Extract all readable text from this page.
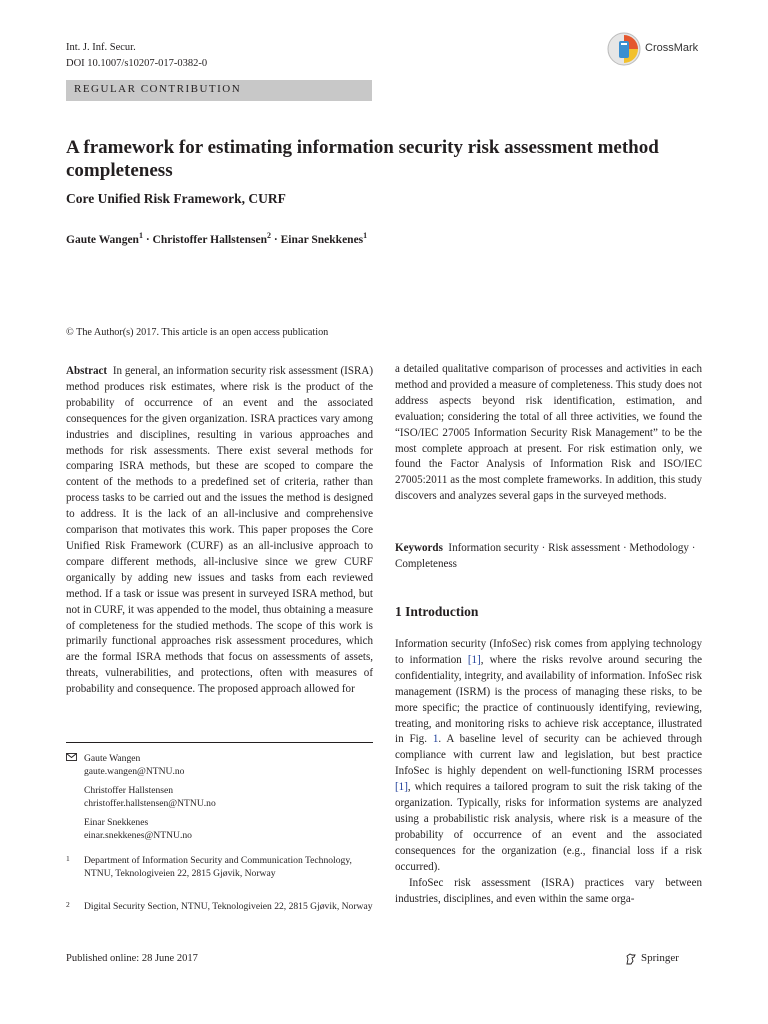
Int. J. Inf. Secur.
DOI 10.1007/s10207-017-0382-0
CrossMark
REGULAR CONTRIBUTION
A framework for estimating information security risk assessment method completeness
Core Unified Risk Framework, CURF
Gaute Wangen$^1$ · Christoffer Hallstensen$^2$ · Einar Snekkenes$^1$
© The Author(s) 2017. This article is an open access publication
Abstract In general, an information security risk assessment (ISRA) method produces risk estimates, where risk is the product of the probability of occurrence of an event and the associated consequences for the given organization. ISRA practices vary among industries and disciplines, resulting in various approaches and methods for risk assessments. There exist several methods for comparing ISRA methods, but these are scoped to compare the content of the methods to a predefined set of criteria, rather than process tasks to be carried out and the issues the method is designed to address. It is the lack of an all-inclusive and comprehensive comparison that motivates this work. This paper proposes the Core Unified Risk Framework (CURF) as an all-inclusive approach to compare different methods, all-inclusive since we grew CURF organically by adding new issues and tasks from each reviewed method. If a task or issue was present in surveyed ISRA method, but not in CURF, it was appended to the model, thus obtaining a measure of completeness for the studied methods. The scope of this work is primarily functional approaches risk assessment procedures, which are the formal ISRA methods that focus on assessments of assets, threats, vulnerabilities, and protections, often with measures of probability and consequence. The proposed approach allowed for
a detailed qualitative comparison of processes and activities in each method and provided a measure of completeness. This study does not address aspects beyond risk identification, estimation, and evaluation; considering the total of all three activities, we found the “ISO/IEC 27005 Information Security Risk Management” to be the most complete approach at present. For risk estimation only, we found the Factor Analysis of Information Risk and ISO/IEC 27005:2011 as the most complete frameworks. In addition, this study discovers and analyzes several gaps in the surveyed methods.
Keywords Information security · Risk assessment · Methodology · Completeness
1 Introduction

Information security (InfoSec) risk comes from applying technology to information [1], where the risks revolve around securing the confidentiality, integrity, and availability of information. InfoSec risk management (ISRM) is the process of managing these risks, to be more specific; the practice of continuously identifying, reviewing, treating, and monitoring risks to achieve risk acceptance, illustrated in Fig. 1. A baseline level of security can be achieved through compliance with current law and legislation, but best practice InfoSec is highly dependent on well-functioning ISRM processes [1], which requires a tailored program to suit the risk taking of the organization. Typically, risks for information systems are analyzed using a probabilistic risk analysis, where risk is a measure of the probability of occurrence of an event and the associated consequences for the organization (e.g., financial loss if a risk occurred).

InfoSec risk assessment (ISRA) practices vary between industries, disciplines, and even within the same orga-

Gaute Wangen
gaute.wangen@NTNU.no
Christoffer Hallstensen
christoffer.hallstensen@NTNU.no
Einar Snekkenes
einar.snekkenes@NTNU.no
1 Department of Information Security and Communication Technology, NTNU, Teknologiveien 22, 2815 Gjøvik, Norway
2 Digital Security Section, NTNU, Teknologiveien 22, 2815 Gjøvik, Norway
Published online: 28 June 2017	Springer
